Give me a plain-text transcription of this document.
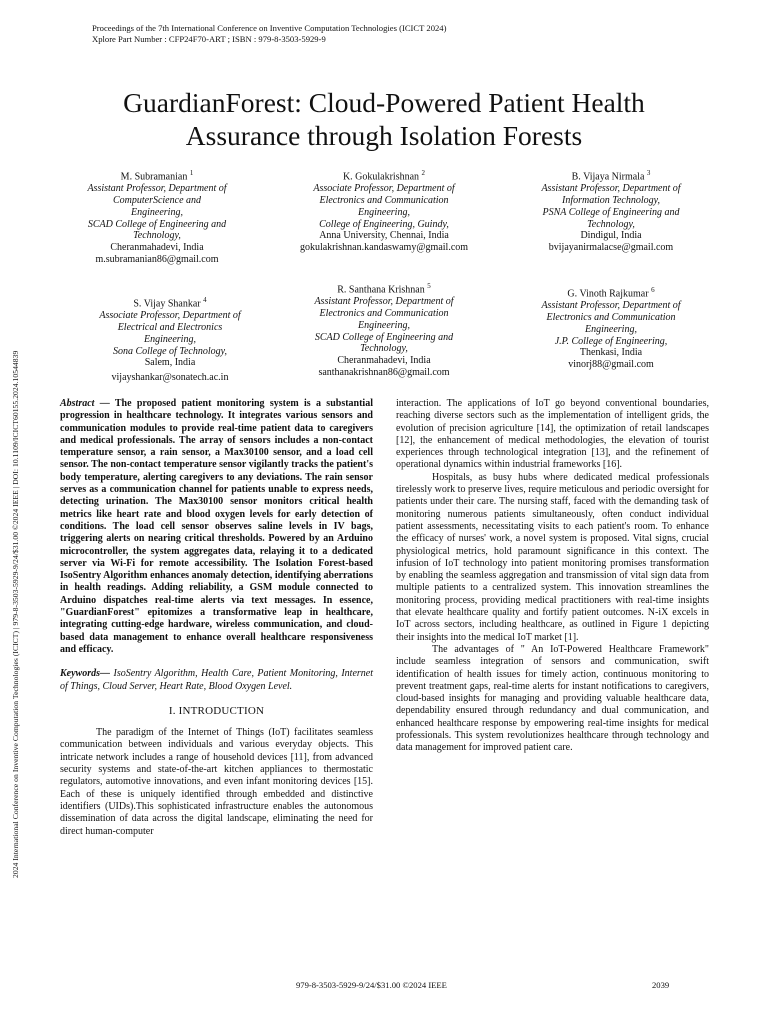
2024 International Conference on Inventive Computation Technologies (ICICT) | 979-8-3503-5929-9/24/$31.00 ©2024 IEEE | DOI: 10.1109/ICICT60155.2024.10544839
Proceedings of the 7th International Conference on Inventive Computation Technologies (ICICT 2024)
Xplore Part Number : CFP24F70-ART ; ISBN : 979-8-3503-5929-9
GuardianForest: Cloud-Powered Patient Health
Assurance through Isolation Forests
M. Subramanian $^1$
Assistant Professor, Department of
ComputerScience and
Engineering,
SCAD College of Engineering and
Technology,
Cheranmahadevi, India
m.subramanian86@gmail.com
K. Gokulakrishnan $^2$
Associate Professor, Department of
Electronics and Communication
Engineering,
College of Engineering, Guindy,
Anna University, Chennai, India
gokulakrishnan.kandaswamy@gmail.com
B. Vijaya Nirmala $^3$
Assistant Professor, Department of
Information Technology,
PSNA College of Engineering and
Technology,
Dindigul, India
bvijayanirmalacse@gmail.com
S. Vijay Shankar $^4$
Associate Professor, Department of
Electrical and Electronics
Engineering,
Sona College of Technology,
Salem, India
vijayshankar@sonatech.ac.in
R. Santhana Krishnan $^5$
Assistant Professor, Department of
Electronics and Communication
Engineering,
SCAD College of Engineering and
Technology,
Cheranmahadevi, India
santhanakrishnan86@gmail.com
G. Vinoth Rajkumar $^6$
Assistant Professor, Department of
Electronics and Communication
Engineering,
J.P. College of Engineering,
Thenkasi, India
vinorj88@gmail.com

Abstract — The proposed patient monitoring system is a substantial progression in healthcare technology. It integrates various sensors and communication modules to provide real-time patient data to caregivers and medical professionals. The array of sensors includes a non-contact temperature sensor, a rain sensor, a Max30100 sensor, and a load cell sensor. The non-contact temperature sensor vigilantly tracks the patient's body temperature, alerting caregivers to any deviations. The rain sensor serves as a communication channel for patients unable to express needs, detecting urination. The Max30100 sensor monitors critical health metrics like heart rate and blood oxygen levels for early detection of conditions. The load cell sensor observes saline levels in IV bags, triggering alerts on nearing critical thresholds. Powered by an Arduino microcontroller, the system aggregates data, relaying it to a dedicated server via Wi-Fi for remote accessibility. The Isolation Forest-based IsoSentry Algorithm enhances anomaly detection, identifying aberrations in health readings. Adding reliability, a GSM module connected to Arduino dispatches real-time alerts via text messages. In essence, "GuardianForest" epitomizes a transformative leap in healthcare, integrating cutting-edge hardware, wireless communication, and cloud-based data management to enhance overall healthcare responsiveness and efficacy.

Keywords— IsoSentry Algorithm, Health Care, Patient Monitoring, Internet of Things, Cloud Server, Heart Rate, Blood Oxygen Level.

I. INTRODUCTION

The paradigm of the Internet of Things (IoT) facilitates seamless communication between individuals and various everyday objects. This intricate network includes a range of household devices [11], from advanced security systems and state-of-the-art kitchen appliances to thermostatic regulators, automotive innovations, and even infant monitoring devices [15]. Each of these is uniquely identified through embedded and distinctive identifiers (UIDs).This sophisticated infrastructure enables the autonomous dissemination of data across the digital landscape, eliminating the need for direct human-computer

interaction. The applications of IoT go beyond conventional boundaries, reaching diverse sectors such as the implementation of intelligent grids, the evolution of precision agriculture [14], the optimization of retail landscapes [12], the enhancement of medical methodologies, the elevation of tourist experiences through technological integration [13], and the refinement of operational dynamics within industrial frameworks [16].

Hospitals, as busy hubs where dedicated medical professionals tirelessly work to preserve lives, require meticulous and periodic oversight for patients under their care. The nursing staff, faced with the demanding task of monitoring numerous patients simultaneously, often conduct individual patient assessments, necessitating visits to each patient's room. To enhance the efficacy of nurses' work, a novel system is proposed. Vital signs, crucial physiological metrics, hold paramount significance in this context. The infusion of IoT technology into patient monitoring promises transformation by enabling the seamless aggregation and transmission of vital sign data from multiple patients to a centralized system. This innovation streamlines the monitoring process, providing medical practitioners with real-time insights that elevate healthcare quality and fortify patient outcomes. N-iX excels in IoT across sectors, including healthcare, as outlined in Figure 1 depicting their insights into the medical IoT market [1].

The advantages of " An IoT-Powered Healthcare Framework" include seamless integration of sensors and communication, swift identification of health issues for timely action, continuous monitoring to prevent treatment gaps, real-time alerts for instant notifications to caregivers, cloud-based insights for managing and providing valuable healthcare data, dependability ensured through redundancy and dual communication, and enhanced healthcare response by empowering real-time insights for medical professionals. This system revolutionizes healthcare through technology and data management for improved patient care.

979-8-3503-5929-9/24/$31.00 ©2024 IEEE	2039
